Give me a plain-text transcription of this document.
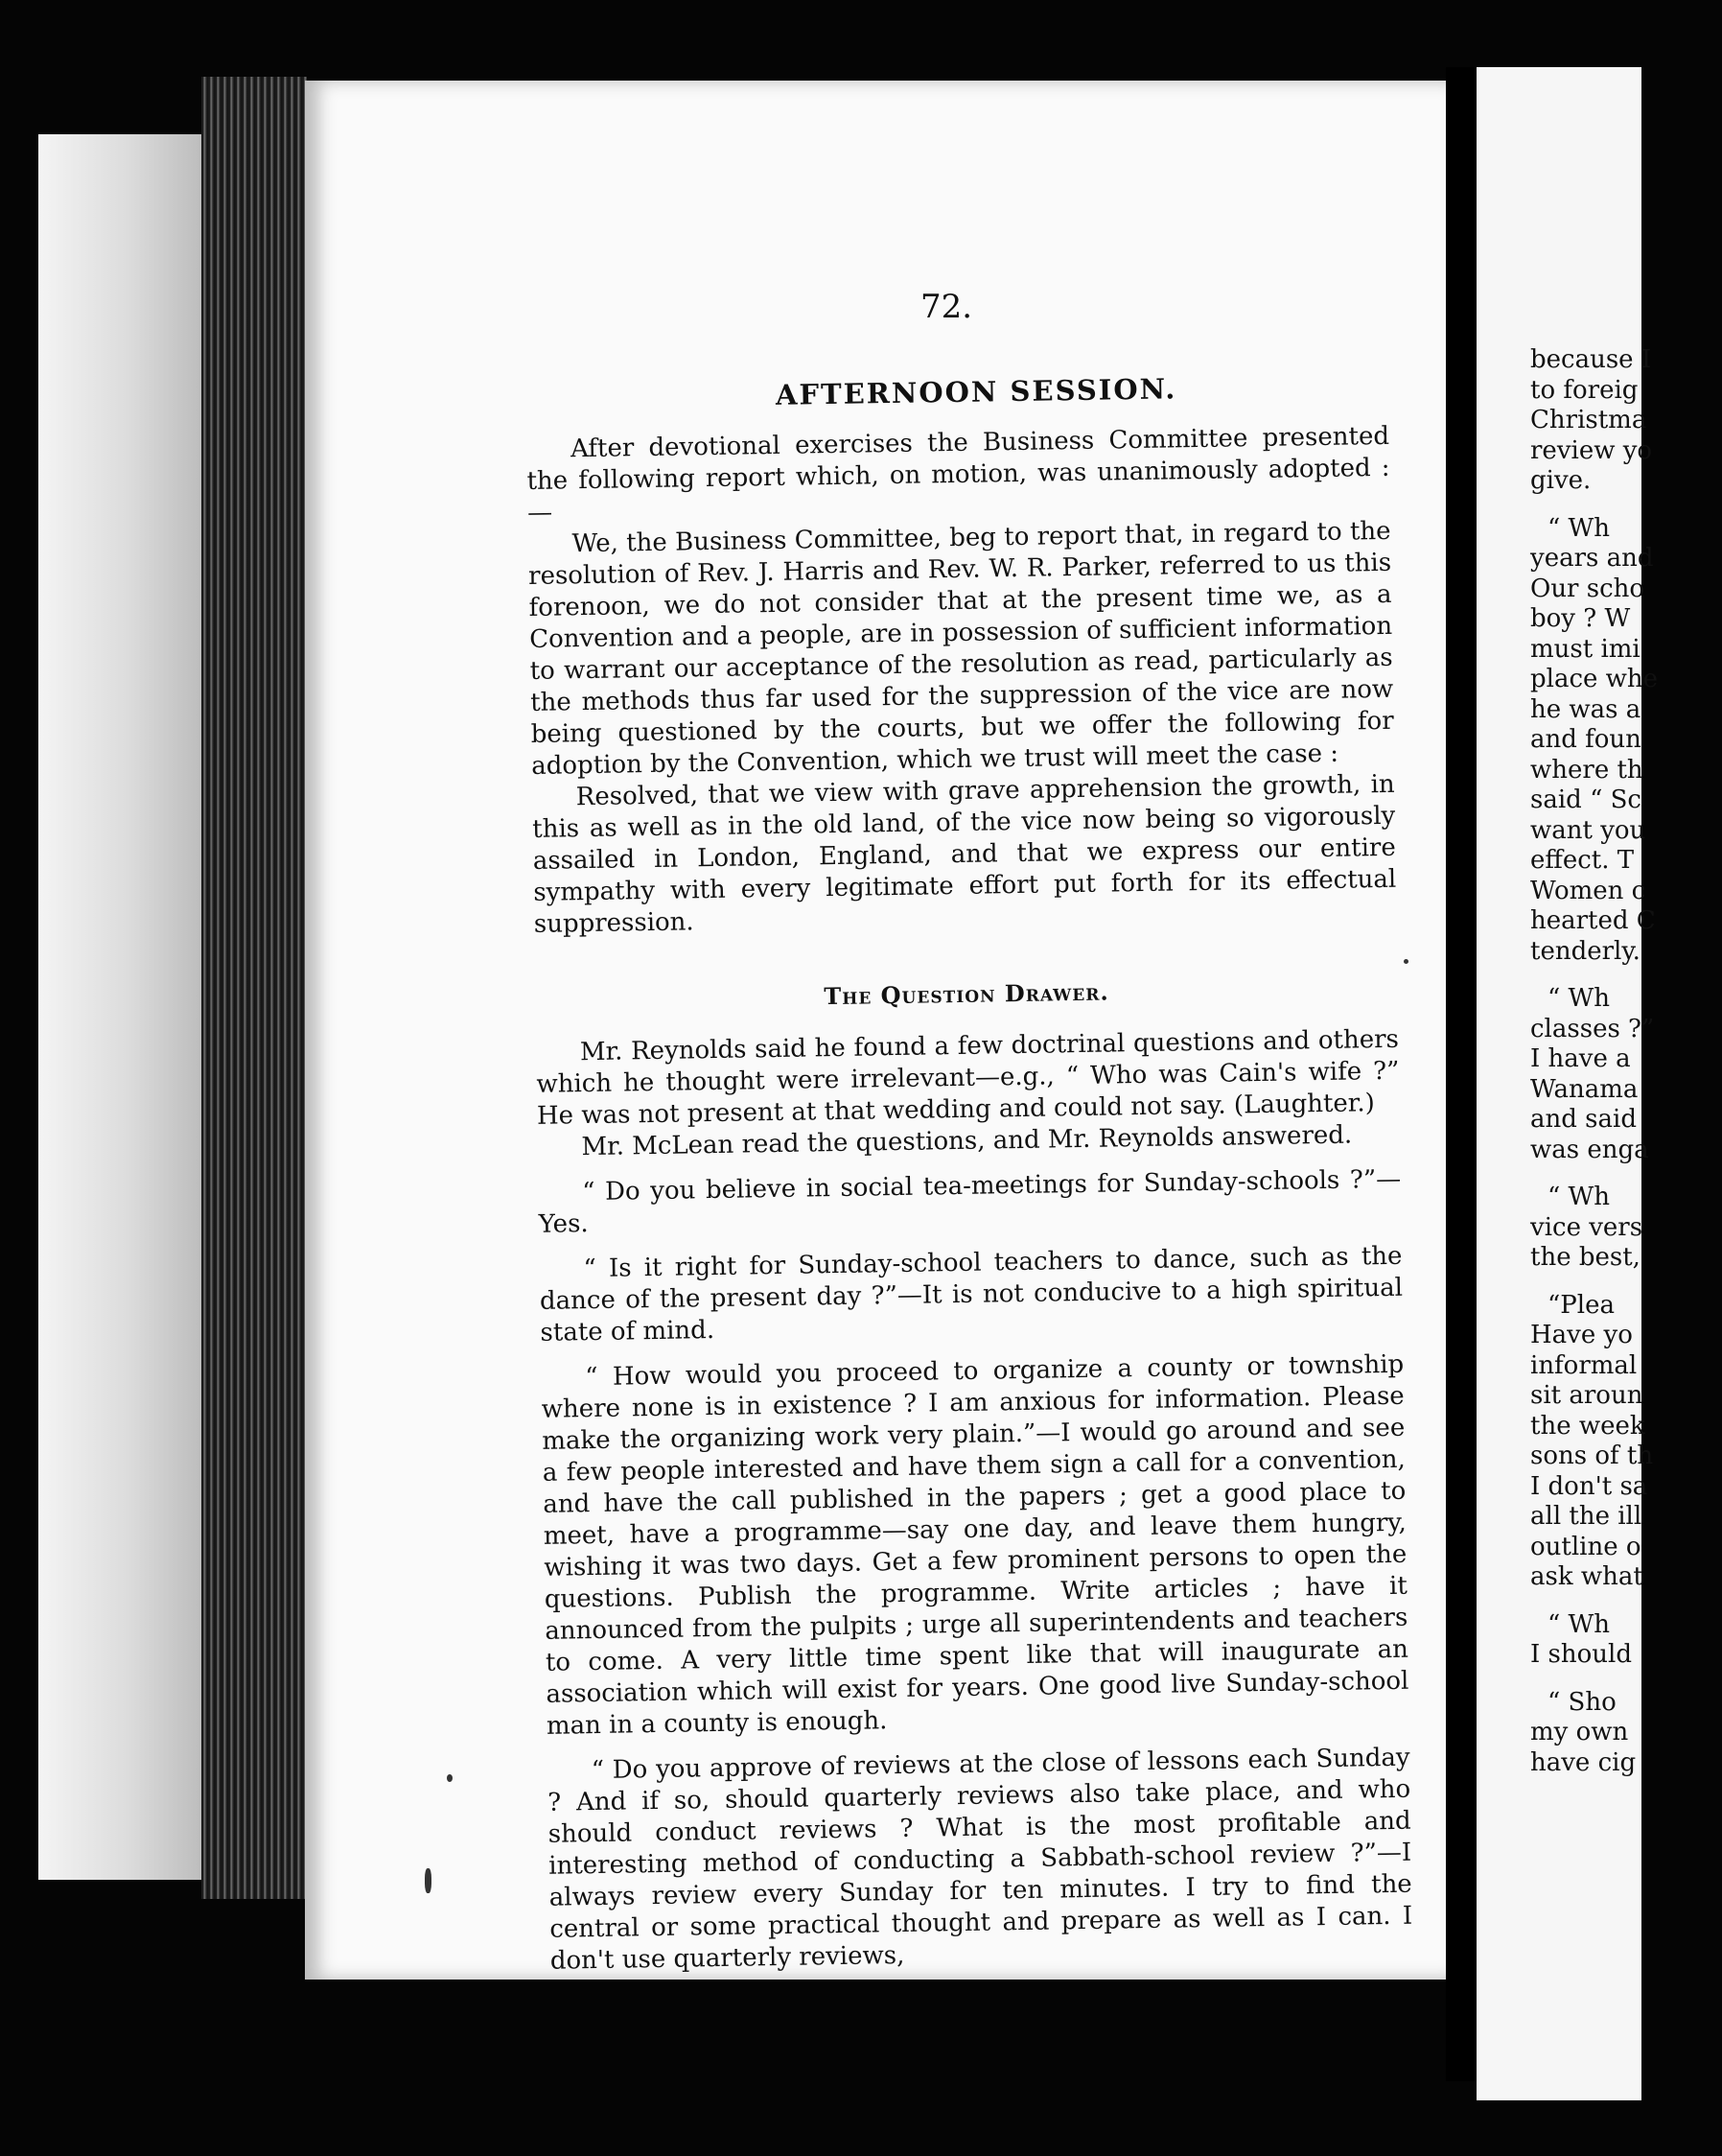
because I
to foreig
Christma
review yo
give.
“ Wh
years and
Our scho
boy ? W
must imi
place whe
he was a
and foun
where th
said “ Sc
want you
effect. T
Women c
hearted C
tenderly.
“ Wh
classes ?”
I have a
Wanama
and said
was enga
“ Wh
vice vers
the best,
“Plea
Have yo
informal
sit aroun
the week
sons of th
I don't sa
all the ill
outline o
ask what
“ Wh
I should
“ Sho
my own
have cig
72.
AFTERNOON SESSION.

After devotional exercises the Business Committee presented the following report which, on motion, was unanimously adopted :—

We, the Business Committee, beg to report that, in regard to the resolution of Rev. J. Harris and Rev. W. R. Parker, referred to us this forenoon, we do not consider that at the present time we, as a Convention and a people, are in possession of sufficient information to warrant our acceptance of the resolution as read, particularly as the methods thus far used for the suppression of the vice are now being questioned by the courts, but we offer the following for adoption by the Convention, which we trust will meet the case :

Resolved, that we view with grave apprehension the growth, in this as well as in the old land, of the vice now being so vigorously assailed in London, England, and that we express our entire sympathy with every legitimate effort put forth for its effectual suppression.

The Question Drawer.

Mr. Reynolds said he found a few doctrinal questions and others which he thought were irrelevant—e.g., “ Who was Cain's wife ?” He was not present at that wedding and could not say. (Laughter.)

Mr. McLean read the questions, and Mr. Reynolds answered.

“ Do you believe in social tea-meetings for Sunday-schools ?”—Yes.

“ Is it right for Sunday-school teachers to dance, such as the dance of the present day ?”—It is not conducive to a high spiritual state of mind.

“ How would you proceed to organize a county or township where none is in existence ? I am anxious for information. Please make the organizing work very plain.”—I would go around and see a few people interested and have them sign a call for a convention, and have the call published in the papers ; get a good place to meet, have a programme—say one day, and leave them hungry, wishing it was two days. Get a few prominent persons to open the questions. Publish the programme. Write articles ; have it announced from the pulpits ; urge all superintendents and teachers to come. A very little time spent like that will inaugurate an association which will exist for years. One good live Sunday-school man in a county is enough.

“ Do you approve of reviews at the close of lessons each Sunday ? And if so, should quarterly reviews also take place, and who should conduct reviews ? What is the most profitable and interesting method of conducting a Sabbath-school review ?”—I always review every Sunday for ten minutes. I try to find the central or some practical thought and prepare as well as I can. I don't use quarterly reviews,
